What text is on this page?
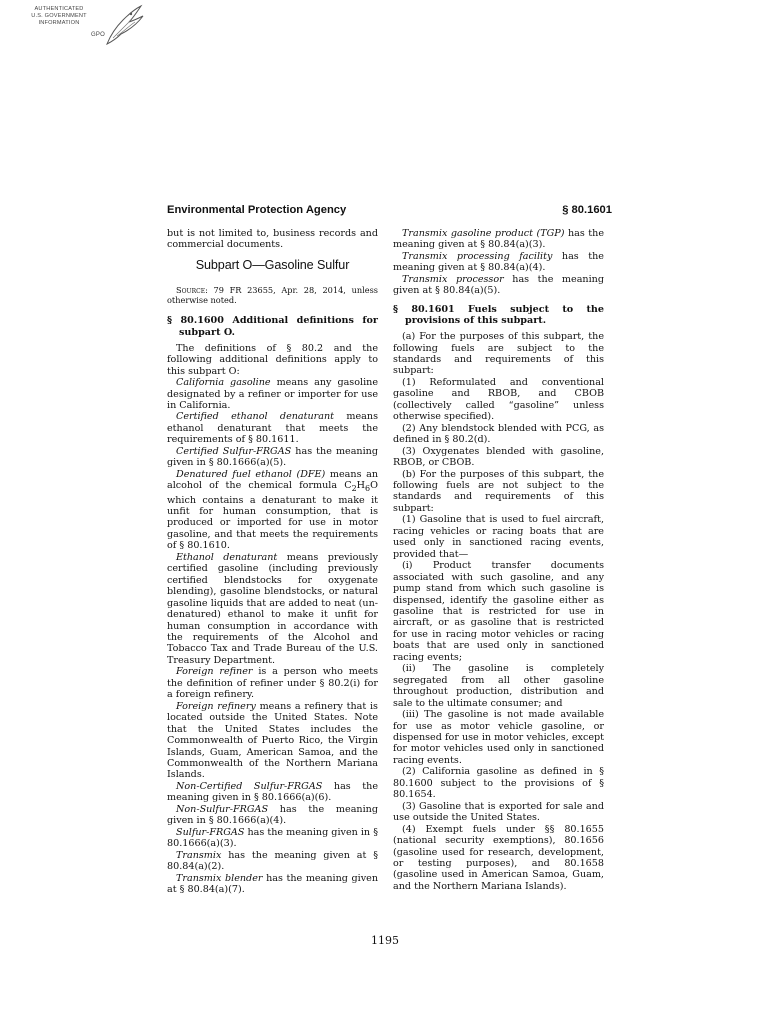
AUTHENTICATED
U.S. GOVERNMENT
INFORMATION
GPO
Environmental Protection Agency	§ 80.1601

but is not limited to, business records and commercial documents.

Subpart O—Gasoline Sulfur

Source: 79 FR 23655, Apr. 28, 2014, unless otherwise noted.

§ 80.1600 Additional definitions for subpart O.

The definitions of § 80.2 and the following additional definitions apply to this subpart O:

California gasoline means any gasoline designated by a refiner or importer for use in California.

Certified ethanol denaturant means ethanol denaturant that meets the requirements of § 80.1611.

Certified Sulfur-FRGAS has the meaning given in § 80.1666(a)(5).

Denatured fuel ethanol (DFE) means an alcohol of the chemical formula $C_2H_6O$ which contains a denaturant to make it unfit for human consumption, that is produced or imported for use in motor gasoline, and that meets the requirements of § 80.1610.

Ethanol denaturant means previously certified gasoline (including previously certified blendstocks for oxygenate blending), gasoline blendstocks, or natural gasoline liquids that are added to neat (un-denatured) ethanol to make it unfit for human consumption in accordance with the requirements of the Alcohol and Tobacco Tax and Trade Bureau of the U.S. Treasury Department.

Foreign refiner is a person who meets the definition of refiner under § 80.2(i) for a foreign refinery.

Foreign refinery means a refinery that is located outside the United States. Note that the United States includes the Commonwealth of Puerto Rico, the Virgin Islands, Guam, American Samoa, and the Commonwealth of the Northern Mariana Islands.

Non-Certified Sulfur-FRGAS has the meaning given in § 80.1666(a)(6).

Non-Sulfur-FRGAS has the meaning given in § 80.1666(a)(4).

Sulfur-FRGAS has the meaning given in § 80.1666(a)(3).

Transmix has the meaning given at § 80.84(a)(2).

Transmix blender has the meaning given at § 80.84(a)(7).

Transmix gasoline product (TGP) has the meaning given at § 80.84(a)(3).

Transmix processing facility has the meaning given at § 80.84(a)(4).

Transmix processor has the meaning given at § 80.84(a)(5).

§ 80.1601 Fuels subject to the provisions of this subpart.

(a) For the purposes of this subpart, the following fuels are subject to the standards and requirements of this subpart:

(1) Reformulated and conventional gasoline and RBOB, and CBOB (collectively called “gasoline” unless otherwise specified).

(2) Any blendstock blended with PCG, as defined in § 80.2(d).

(3) Oxygenates blended with gasoline, RBOB, or CBOB.

(b) For the purposes of this subpart, the following fuels are not subject to the standards and requirements of this subpart:

(1) Gasoline that is used to fuel aircraft, racing vehicles or racing boats that are used only in sanctioned racing events, provided that—

(i) Product transfer documents associated with such gasoline, and any pump stand from which such gasoline is dispensed, identify the gasoline either as gasoline that is restricted for use in aircraft, or as gasoline that is restricted for use in racing motor vehicles or racing boats that are used only in sanctioned racing events;

(ii) The gasoline is completely segregated from all other gasoline throughout production, distribution and sale to the ultimate consumer; and

(iii) The gasoline is not made available for use as motor vehicle gasoline, or dispensed for use in motor vehicles, except for motor vehicles used only in sanctioned racing events.

(2) California gasoline as defined in § 80.1600 subject to the provisions of § 80.1654.

(3) Gasoline that is exported for sale and use outside the United States.

(4) Exempt fuels under §§ 80.1655 (national security exemptions), 80.1656 (gasoline used for research, development, or testing purposes), and 80.1658 (gasoline used in American Samoa, Guam, and the Northern Mariana Islands).

1195
